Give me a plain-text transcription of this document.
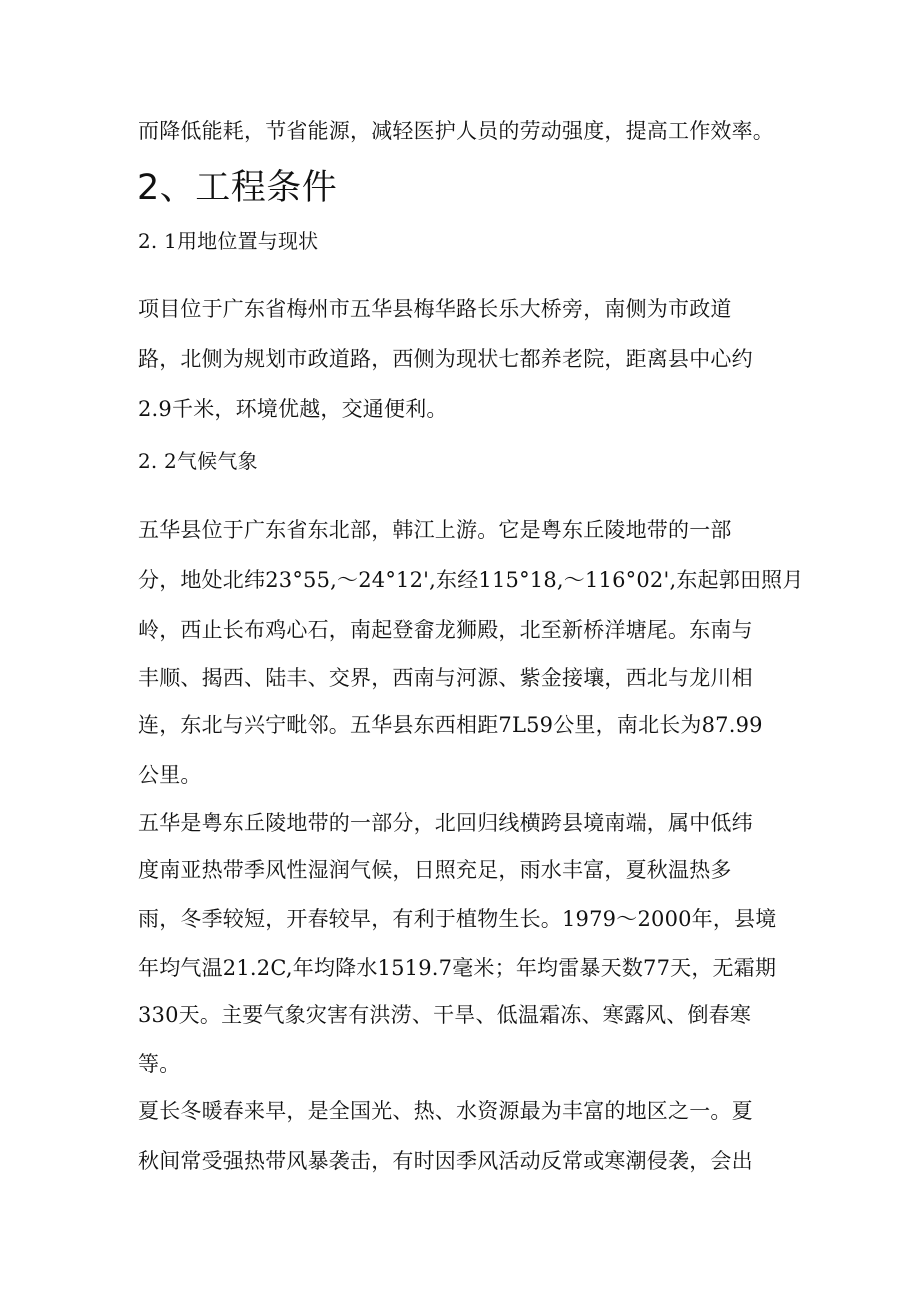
而降低能耗，节省能源，减轻医护人员的劳动强度，提高工作效率。
2、工程条件
2. 1用地位置与现状
项目位于广东省梅州市五华县梅华路长乐大桥旁，南侧为市政道
路，北侧为规划市政道路，西侧为现状七都养老院，距离县中心约
2.9千米，环境优越，交通便利。
2. 2气候气象
五华县位于广东省东北部，韩江上游。它是粤东丘陵地带的一部
分，地处北纬23°55,～24°12',东经115°18,～116°02',东起郭田照月
岭，西止长布鸡心石，南起登畲龙狮殿，北至新桥洋塘尾。东南与
丰顺、揭西、陆丰、交界，西南与河源、紫金接壤，西北与龙川相
连，东北与兴宁毗邻。五华县东西相距7L59公里，南北长为87.99
公里。
五华是粤东丘陵地带的一部分，北回归线横跨县境南端，属中低纬
度南亚热带季风性湿润气候，日照充足，雨水丰富，夏秋温热多
雨，冬季较短，开春较早，有利于植物生长。1979～2000年，县境
年均气温21.2C,年均降水1519.7毫米；年均雷暴天数77天，无霜期
330天。主要气象灾害有洪涝、干旱、低温霜冻、寒露风、倒春寒
等。
夏长冬暖春来早，是全国光、热、水资源最为丰富的地区之一。夏
秋间常受强热带风暴袭击，有时因季风活动反常或寒潮侵袭，会出
